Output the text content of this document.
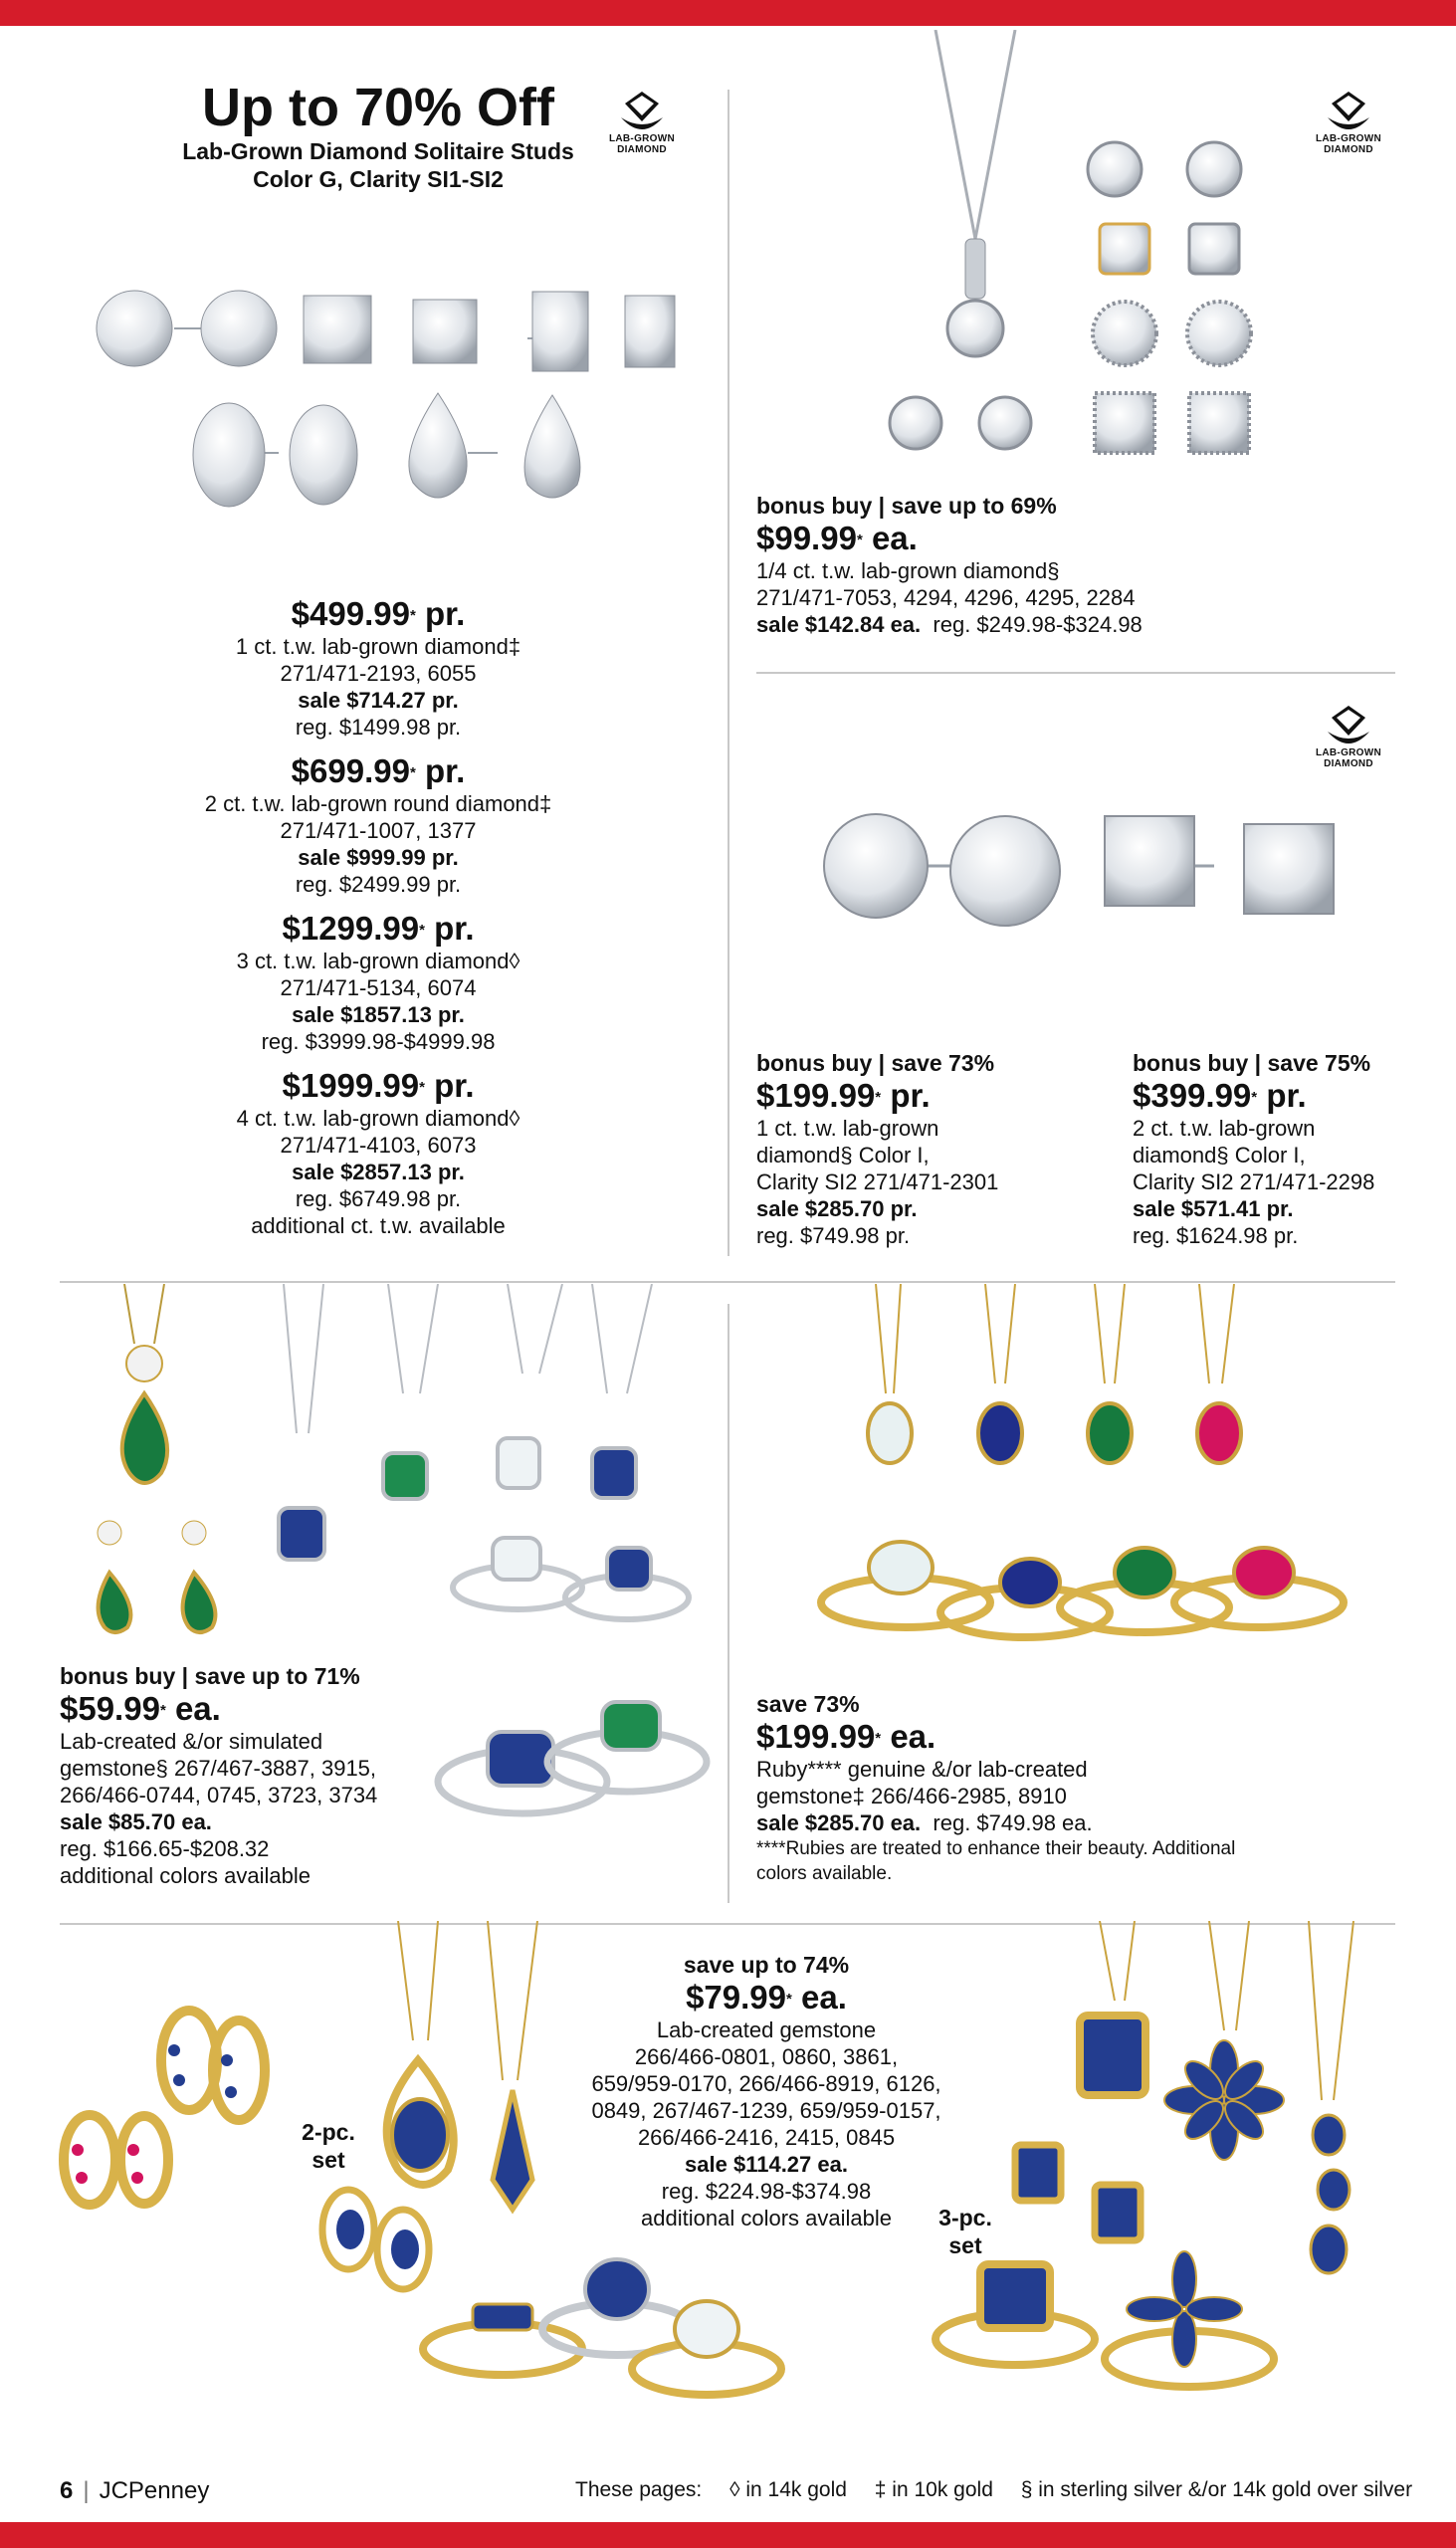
Up to 70% Off
Lab-Grown Diamond Solitaire Studs
Color G, Clarity SI1-SI2
LAB-GROWN
DIAMOND
$499.99* pr.
1 ct. t.w. lab-grown diamond‡
271/471-2193, 6055
sale $714.27 pr.
reg. $1499.98 pr.
$699.99* pr.
2 ct. t.w. lab-grown round diamond‡
271/471-1007, 1377
sale $999.99 pr.
reg. $2499.99 pr.
$1299.99* pr.
3 ct. t.w. lab-grown diamond◊
271/471-5134, 6074
sale $1857.13 pr.
reg. $3999.98-$4999.98
$1999.99* pr.
4 ct. t.w. lab-grown diamond◊
271/471-4103, 6073
sale $2857.13 pr.
reg. $6749.98 pr.
additional ct. t.w. available
LAB-GROWN
DIAMOND
bonus buy | save up to 69%
$99.99* ea.
1/4 ct. t.w. lab-grown diamond§
271/471-7053, 4294, 4296, 4295, 2284
sale $142.84 ea. reg. $249.98-$324.98
LAB-GROWN
DIAMOND
bonus buy | save 73%
$199.99* pr.
1 ct. t.w. lab-grown
diamond§ Color I,
Clarity SI2 271/471-2301
sale $285.70 pr.
reg. $749.98 pr.
bonus buy | save 75%
$399.99* pr.
2 ct. t.w. lab-grown
diamond§ Color I,
Clarity SI2 271/471-2298
sale $571.41 pr.
reg. $1624.98 pr.
bonus buy | save up to 71%
$59.99* ea.
Lab-created &/or simulated
gemstone§ 267/467-3887, 3915,
266/466-0744, 0745, 3723, 3734
sale $85.70 ea.
reg. $166.65-$208.32
additional colors available
save 73%
$199.99* ea.
Ruby**** genuine &/or lab-created
gemstone‡ 266/466-2985, 8910
sale $285.70 ea. reg. $749.98 ea.
****Rubies are treated to enhance their beauty. Additional
colors available.
2-pc.
set
save up to 74%
$79.99* ea.
Lab-created gemstone
266/466-0801, 0860, 3861,
659/959-0170, 266/466-8919, 6126,
0849, 267/467-1239, 659/959-0157,
266/466-2416, 2415, 0845
sale $114.27 ea.
reg. $224.98-$374.98
additional colors available	3-pc.
set
6 | JCPenney	These pages: ◊ in 14k gold ‡ in 10k gold § in sterling silver &/or 14k gold over silver
